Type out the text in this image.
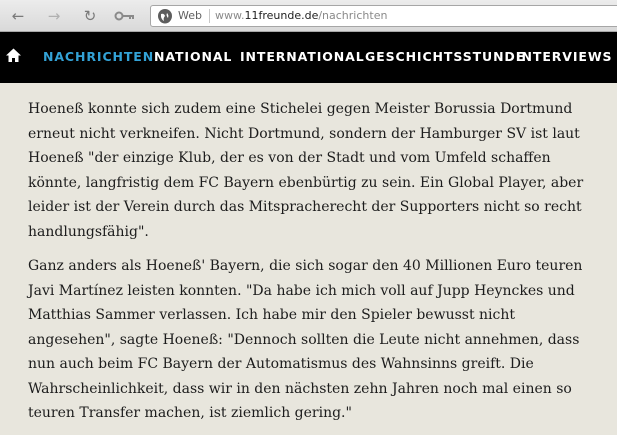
← → ↻	Web www.11freunde.de/nachrichten
NACHRICHTEN NATIONAL INTERNATIONAL GESCHICHTSSTUNDE
INTERVIEWS

Hoeneß konnte sich zudem eine Stichelei gegen Meister Borussia Dortmund erneut nicht verkneifen. Nicht Dortmund, sondern der Hamburger SV ist laut Hoeneß "der einzige Klub, der es von der Stadt und vom Umfeld schaffen könnte, langfristig dem FC Bayern ebenbürtig zu sein. Ein Global Player, aber leider ist der Verein durch das Mitspracherecht der Supporters nicht so recht handlungsfähig".

Ganz anders als Hoeneß' Bayern, die sich sogar den 40 Millionen Euro teuren Javi Martínez leisten konnten. "Da habe ich mich voll auf Jupp Heynckes und Matthias Sammer verlassen. Ich habe mir den Spieler bewusst nicht angesehen", sagte Hoeneß: "Dennoch sollten die Leute nicht annehmen, dass nun auch beim FC Bayern der Automatismus des Wahnsinns greift. Die Wahrscheinlichkeit, dass wir in den nächsten zehn Jahren noch mal einen so teuren Transfer machen, ist ziemlich gering."
